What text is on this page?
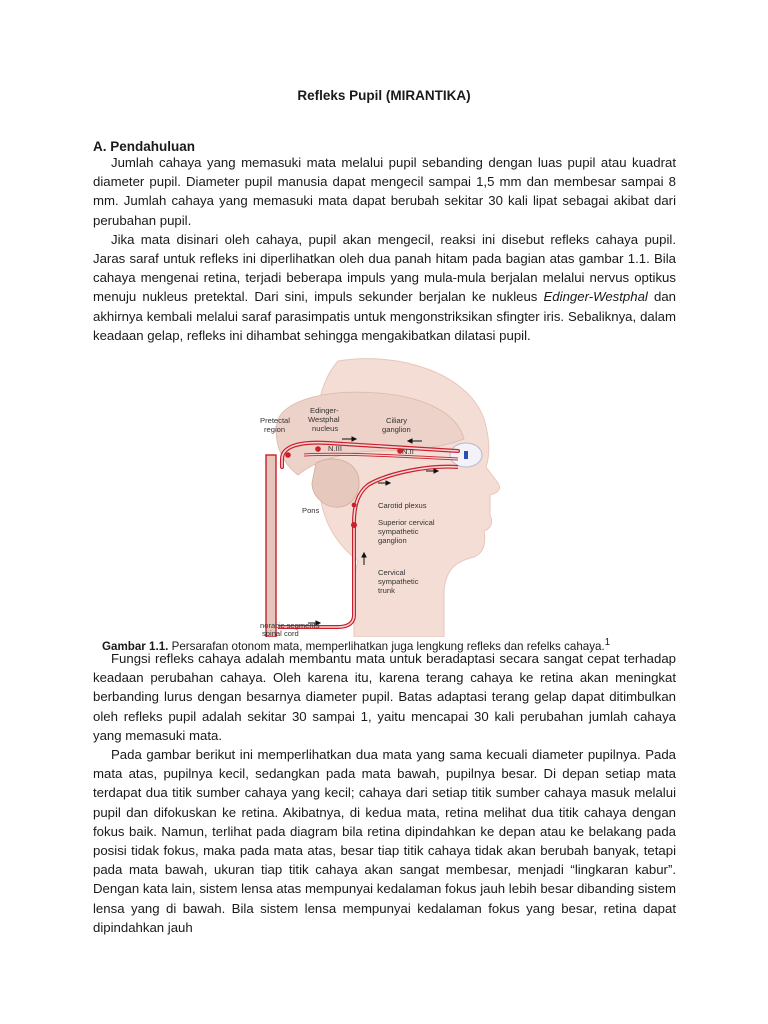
Refleks Pupil (MIRANTIKA)
A. Pendahuluan

Jumlah cahaya yang memasuki mata melalui pupil sebanding dengan luas pupil atau kuadrat diameter pupil. Diameter pupil manusia dapat mengecil sampai 1,5 mm dan membesar sampai 8 mm. Jumlah cahaya yang memasuki mata dapat berubah sekitar 30 kali lipat sebagai akibat dari perubahan pupil.

Jika mata disinari oleh cahaya, pupil akan mengecil, reaksi ini disebut refleks cahaya pupil. Jaras saraf untuk refleks ini diperlihatkan oleh dua panah hitam pada bagian atas gambar 1.1. Bila cahaya mengenai retina, terjadi beberapa impuls yang mula-mula berjalan melalui nervus optikus menuju nukleus pretektal. Dari sini, impuls sekunder berjalan ke nukleus Edinger-Westphal dan akhirnya kembali melalui saraf parasimpatis untuk mengonstriksikan sfingter iris. Sebaliknya, dalam keadaan gelap, refleks ini dihambat sehingga mengakibatkan dilatasi pupil.

Pretectal
region
Edinger-
Westphal
nucleus
Ciliary
ganglion
N.III	N.II
Pons
Carotid plexus
Superior cervical
sympathetic
ganglion
Cervical
sympathetic
trunk
noracic segments
spinal cord
Gambar 1.1. Persarafan otonom mata, memperlihatkan juga lengkung refleks dan refelks cahaya.$^1$

Fungsi refleks cahaya adalah membantu mata untuk beradaptasi secara sangat cepat terhadap keadaan perubahan cahaya. Oleh karena itu, karena terang cahaya ke retina akan meningkat berbanding lurus dengan besarnya diameter pupil. Batas adaptasi terang gelap dapat ditimbulkan oleh refleks pupil adalah sekitar 30 sampai 1, yaitu mencapai 30 kali perubahan jumlah cahaya yang memasuki mata.

Pada gambar berikut ini memperlihatkan dua mata yang sama kecuali diameter pupilnya. Pada mata atas, pupilnya kecil, sedangkan pada mata bawah, pupilnya besar. Di depan setiap mata terdapat dua titik sumber cahaya yang kecil; cahaya dari setiap titik sumber cahaya masuk melalui pupil dan difokuskan ke retina. Akibatnya, di kedua mata, retina melihat dua titik cahaya dengan fokus baik. Namun, terlihat pada diagram bila retina dipindahkan ke depan atau ke belakang pada posisi tidak fokus, maka pada mata atas, besar tiap titik cahaya tidak akan berubah banyak, tetapi pada mata bawah, ukuran tiap titik cahaya akan sangat membesar, menjadi “lingkaran kabur”. Dengan kata lain, sistem lensa atas mempunyai kedalaman fokus jauh lebih besar dibanding sistem lensa yang di bawah. Bila sistem lensa mempunyai kedalaman fokus yang besar, retina dapat dipindahkan jauh
